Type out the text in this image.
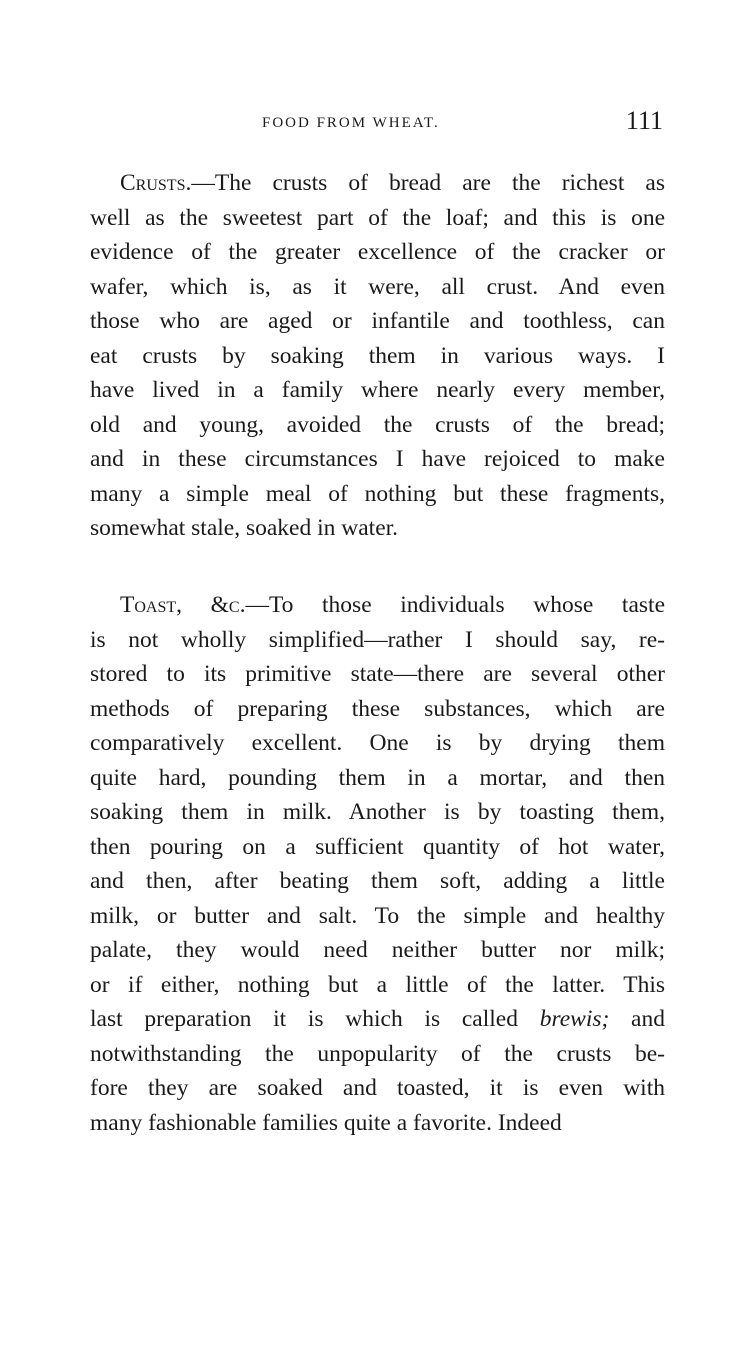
FOOD FROM WHEAT.	111
Crusts.—The crusts of bread are the richest as
well as the sweetest part of the loaf; and this is one
evidence of the greater excellence of the cracker or
wafer, which is, as it were, all crust. And even
those who are aged or infantile and toothless, can
eat crusts by soaking them in various ways. I
have lived in a family where nearly every member,
old and young, avoided the crusts of the bread;
and in these circumstances I have rejoiced to make
many a simple meal of nothing but these fragments,
somewhat stale, soaked in water.
Toast, &c.—To those individuals whose taste
is not wholly simplified—rather I should say, re-
stored to its primitive state—there are several other
methods of preparing these substances, which are
comparatively excellent. One is by drying them
quite hard, pounding them in a mortar, and then
soaking them in milk. Another is by toasting them,
then pouring on a sufficient quantity of hot water,
and then, after beating them soft, adding a little
milk, or butter and salt. To the simple and healthy
palate, they would need neither butter nor milk;
or if either, nothing but a little of the latter. This
last preparation it is which is called brewis; and
notwithstanding the unpopularity of the crusts be-
fore they are soaked and toasted, it is even with
many fashionable families quite a favorite. Indeed
